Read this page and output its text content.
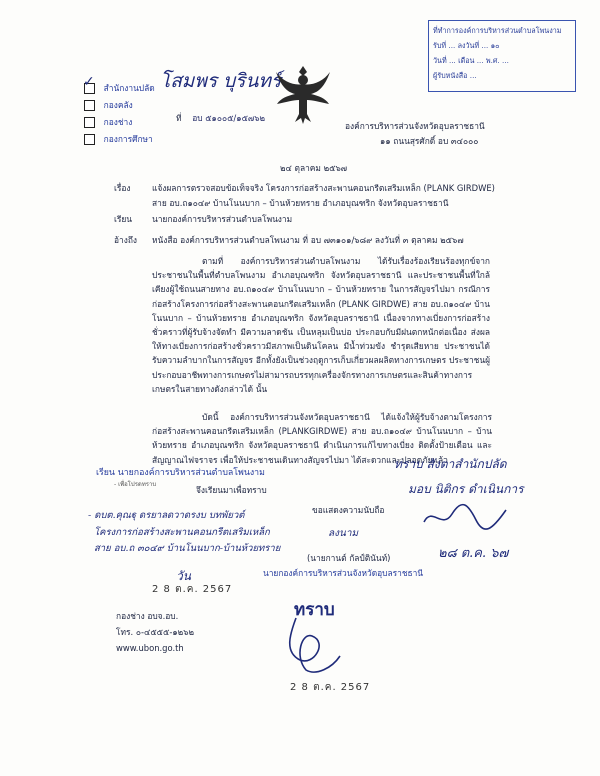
✓ สำนักงานปลัด
กองคลัง
กองช่าง
กองการศึกษา
โสมพร บุรินทร์
ที่ อบ ๕๑๐๐๕/๑๕๗๖๒
ที่ทำการองค์การบริหารส่วนตำบลโพนงาม
รับที่ ... ลงวันที่ ... ๑๐
วันที่ ... เดือน ... พ.ศ. ...
ผู้รับหนังสือ ...
องค์การบริหารส่วนจังหวัดอุบลราชธานี
๑๑ ถนนสุรศักดิ์ อบ ๓๔๐๐๐
๒๔ ตุลาคม ๒๕๖๗
เรื่อง	แจ้งผลการตรวจสอบข้อเท็จจริง โครงการก่อสร้างสะพานคอนกรีตเสริมเหล็ก (PLANK GIRDWE)
สาย อบ.ถ๑๐๔๙ บ้านโนนบาก – บ้านห้วยทราย อำเภอบุณฑริก จังหวัดอุบลราชธานี
เรียน นายกองค์การบริหารส่วนตำบลโพนงาม
อ้างถึง หนังสือ องค์การบริหารส่วนตำบลโพนงาม ที่ อบ ๗๓๑๐๑/๖๘๙ ลงวันที่ ๓ ตุลาคม ๒๕๖๗
ตามที่ องค์การบริหารส่วนตำบลโพนงาม ได้รับเรื่องร้องเรียนร้องทุกข์จากประชาชนในพื้นที่ตำบลโพนงาม อำเภอบุณฑริก จังหวัดอุบลราชธานี และประชาชนพื้นที่ใกล้เคียงผู้ใช้ถนนสายทาง อบ.ถ๑๐๔๙ บ้านโนนบาก – บ้านห้วยทราย ในการสัญจรไปมา กรณีการก่อสร้างโครงการก่อสร้างสะพานคอนกรีตเสริมเหล็ก (PLANK GIRDWE) สาย อบ.ถ๑๐๔๙ บ้านโนนบาก – บ้านห้วยทราย อำเภอบุณฑริก จังหวัดอุบลราชธานี เนื่องจากทางเบี่ยงการก่อสร้างชั่วคราวที่ผู้รับจ้างจัดทำ มีความลาดชัน เป็นหลุมเป็นบ่อ ประกอบกับมีฝนตกหนักต่อเนื่อง ส่งผลให้ทางเบี่ยงการก่อสร้างชั่วคราวมีสภาพเป็นดินโคลน มีน้ำท่วมขัง ชำรุดเสียหาย ประชาชนได้รับความลำบากในการสัญจร อีกทั้งยังเป็นช่วงฤดูการเก็บเกี่ยวผลผลิตทางการเกษตร ประชาชนผู้ประกอบอาชีพทางการเกษตรไม่สามารถบรรทุกเครื่องจักรทางการเกษตรและสินค้าทางการเกษตรในสายทางดังกล่าวได้ นั้น
บัดนี้ องค์การบริหารส่วนจังหวัดอุบลราชธานี ได้แจ้งให้ผู้รับจ้างตามโครงการก่อสร้างสะพานคอนกรีตเสริมเหล็ก (PLANKGIRDWE) สาย อบ.ถ๑๐๔๙ บ้านโนนบาก – บ้านห้วยทราย อำเภอบุณฑริก จังหวัดอุบลราชธานี ดำเนินการแก้ไขทางเบี่ยง ติดตั้งป้ายเตือน และสัญญาณไฟจราจร เพื่อให้ประชาชนเดินทางสัญจรไปมา ได้สะดวกและปลอดภัยแล้ว
เรียน นายกองค์การบริหารส่วนตำบลโพนงาม
- เพื่อโปรดทราบ
จึงเรียนมาเพื่อทราบ
ขอแสดงความนับถือ
- ดบต.คุณฐุ ดรยาลดวาดรงบ บทพัยวต์
โครงการก่อสร้างสะพานคอนกรีตเสริมเหล็ก
สาย อบ.ถ ๓๐๔๙ บ้านโนนบาก-บ้านห้วยทราย
วัน
ลงนาม
(นายกานต์ กัลป์ตินันท์)
นายกองค์การบริหารส่วนจังหวัดอุบลราชธานี
ทราบ สังตาสำนักปลัด
มอบ นิติกร ดำเนินการ
๒๘ ต.ค. ๖๗
2 8 ต.ค. 2567
2 8 ต.ค. 2567
ทราบ
กองช่าง อบจ.อบ.
โทร. ๐-๔๕๕๕-๑๒๖๒
www.ubon.go.th
